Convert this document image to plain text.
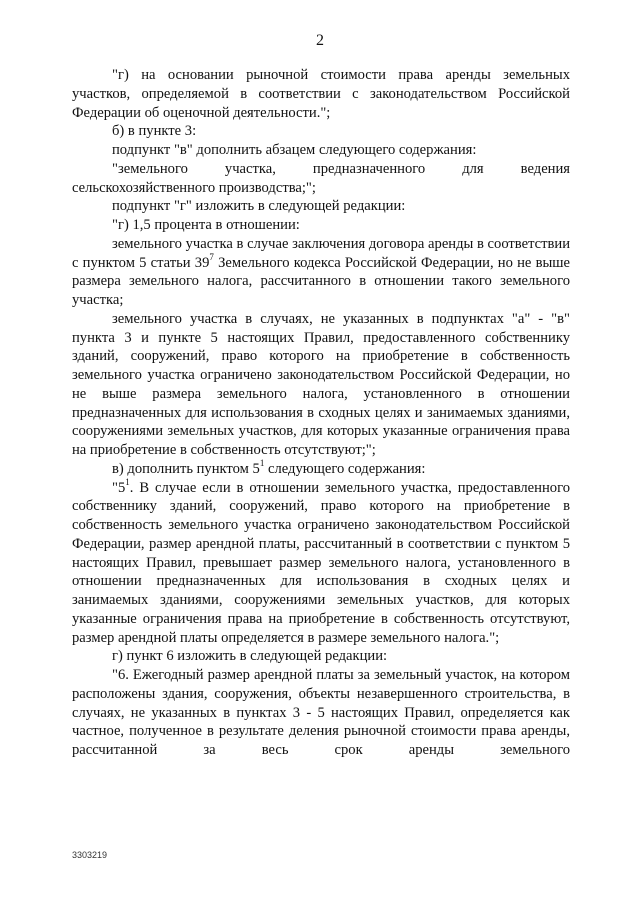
2

"г) на основании рыночной стоимости права аренды земельных участков, определяемой в соответствии с законодательством Российской Федерации об оценочной деятельности.";

б) в пункте 3:

подпункт "в" дополнить абзацем следующего содержания:

"земельного участка, предназначенного для ведения сельскохозяйственного производства;";

подпункт "г" изложить в следующей редакции:

"г) 1,5 процента в отношении:

земельного участка в случае заключения договора аренды в соответствии с пунктом 5 статьи $39^7$ Земельного кодекса Российской Федерации, но не выше размера земельного налога, рассчитанного в отношении такого земельного участка;

земельного участка в случаях, не указанных в подпунктах "а" - "в" пункта 3 и пункте 5 настоящих Правил, предоставленного собственнику зданий, сооружений, право которого на приобретение в собственность земельного участка ограничено законодательством Российской Федерации, но не выше размера земельного налога, установленного в отношении предназначенных для использования в сходных целях и занимаемых зданиями, сооружениями земельных участков, для которых указанные ограничения права на приобретение в собственность отсутствуют;";

в) дополнить пунктом $5^1$ следующего содержания:

"$5^1$. В случае если в отношении земельного участка, предоставленного собственнику зданий, сооружений, право которого на приобретение в собственность земельного участка ограничено законодательством Российской Федерации, размер арендной платы, рассчитанный в соответствии с пунктом 5 настоящих Правил, превышает размер земельного налога, установленного в отношении предназначенных для использования в сходных целях и занимаемых зданиями, сооружениями земельных участков, для которых указанные ограничения права на приобретение в собственность отсутствуют, размер арендной платы определяется в размере земельного налога.";

г) пункт 6 изложить в следующей редакции:

"6. Ежегодный размер арендной платы за земельный участок, на котором расположены здания, сооружения, объекты незавершенного строительства, в случаях, не указанных в пунктах 3 - 5 настоящих Правил, определяется как частное, полученное в результате деления рыночной стоимости права аренды, рассчитанной за весь срок аренды земельного

3303219
